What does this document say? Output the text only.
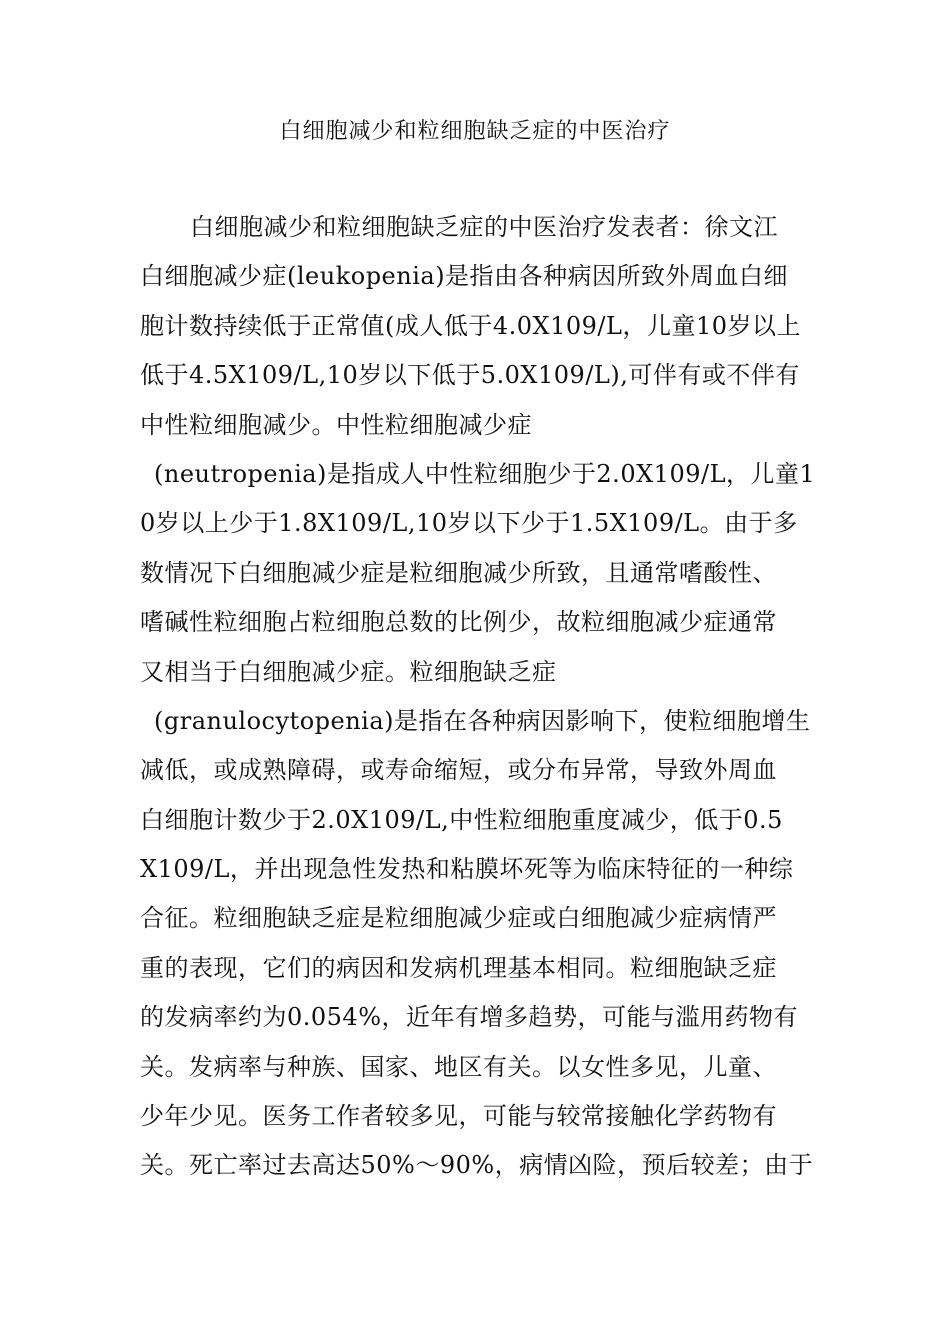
白细胞减少和粒细胞缺乏症的中医治疗
白细胞减少和粒细胞缺乏症的中医治疗发表者：徐文江
白细胞减少症(leukopenia)是指由各种病因所致外周血白细
胞计数持续低于正常值(成人低于4.0X109/L，儿童10岁以上
低于4.5X109/L,10岁以下低于5.0X109/L),可伴有或不伴有
中性粒细胞减少。中性粒细胞减少症
(neutropenia)是指成人中性粒细胞少于2.0X109/L，儿童1
0岁以上少于1.8X109/L,10岁以下少于1.5X109/L。由于多
数情况下白细胞减少症是粒细胞减少所致，且通常嗜酸性、
嗜碱性粒细胞占粒细胞总数的比例少，故粒细胞减少症通常
又相当于白细胞减少症。粒细胞缺乏症
(granulocytopenia)是指在各种病因影响下，使粒细胞增生
减低，或成熟障碍，或寿命缩短，或分布异常，导致外周血
白细胞计数少于2.0X109/L,中性粒细胞重度减少，低于0.5
X109/L，并出现急性发热和粘膜坏死等为临床特征的一种综
合征。粒细胞缺乏症是粒细胞减少症或白细胞减少症病情严
重的表现，它们的病因和发病机理基本相同。粒细胞缺乏症
的发病率约为0.054%，近年有增多趋势，可能与滥用药物有
关。发病率与种族、国家、地区有关。以女性多见，儿童、
少年少见。医务工作者较多见，可能与较常接触化学药物有
关。死亡率过去高达50%～90%，病情凶险，预后较差；由于
